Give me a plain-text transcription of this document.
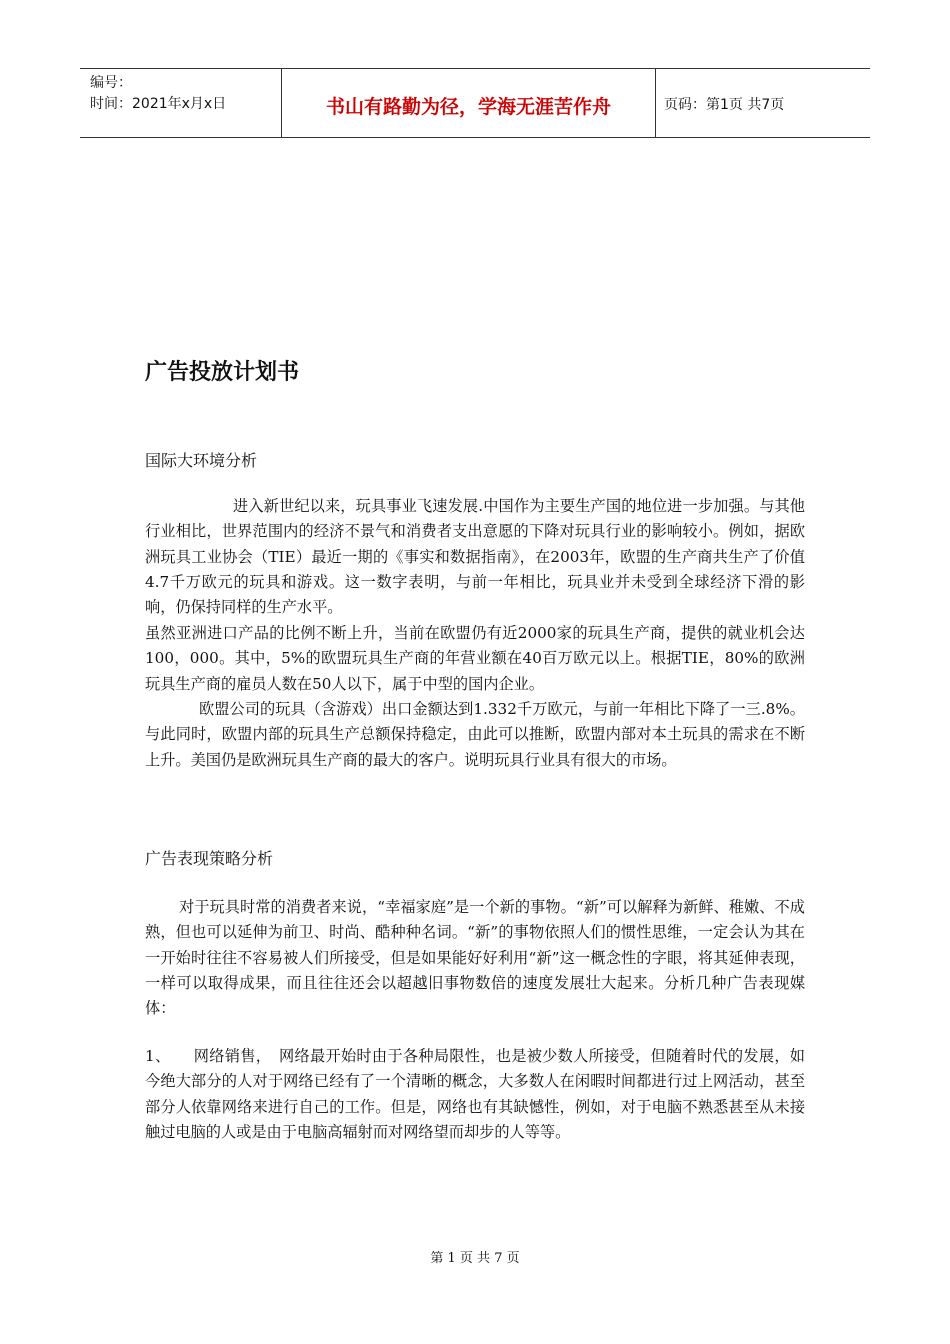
编号：
时间：2021年x月x日	书山有路勤为径，学海无涯苦作舟	页码：第1页 共7页
广告投放计划书
国际大环境分析

进入新世纪以来，玩具事业飞速发展.中国作为主要生产国的地位进一步加强。与其他行业相比，世界范围内的经济不景气和消费者支出意愿的下降对玩具行业的影响较小。例如，据欧洲玩具工业协会（TIE）最近一期的《事实和数据指南》，在2003年，欧盟的生产商共生产了价值4.7千万欧元的玩具和游戏。这一数字表明，与前一年相比，玩具业并未受到全球经济下滑的影响，仍保持同样的生产水平。

虽然亚洲进口产品的比例不断上升，当前在欧盟仍有近2000家的玩具生产商，提供的就业机会达100，000。其中，5%的欧盟玩具生产商的年营业额在40百万欧元以上。根据TIE，80%的欧洲玩具生产商的雇员人数在50人以下，属于中型的国内企业。

欧盟公司的玩具（含游戏）出口金额达到1.332千万欧元，与前一年相比下降了一三.8%。与此同时，欧盟内部的玩具生产总额保持稳定，由此可以推断，欧盟内部对本土玩具的需求在不断上升。美国仍是欧洲玩具生产商的最大的客户。说明玩具行业具有很大的市场。

广告表现策略分析

对于玩具时常的消费者来说，“幸福家庭”是一个新的事物。“新”可以解释为新鲜、稚嫩、不成熟，但也可以延伸为前卫、时尚、酷种种名词。“新”的事物依照人们的惯性思维，一定会认为其在一开始时往往不容易被人们所接受，但是如果能好好利用“新”这一概念性的字眼，将其延伸表现，一样可以取得成果，而且往往还会以超越旧事物数倍的速度发展壮大起来。分析几种广告表现媒体：

1、　　网络销售，　网络最开始时由于各种局限性，也是被少数人所接受，但随着时代的发展，如今绝大部分的人对于网络已经有了一个清晰的概念，大多数人在闲暇时间都进行过上网活动，甚至部分人依靠网络来进行自己的工作。但是，网络也有其缺憾性，例如，对于电脑不熟悉甚至从未接触过电脑的人或是由于电脑高辐射而对网络望而却步的人等等。

第 1 页 共 7 页
